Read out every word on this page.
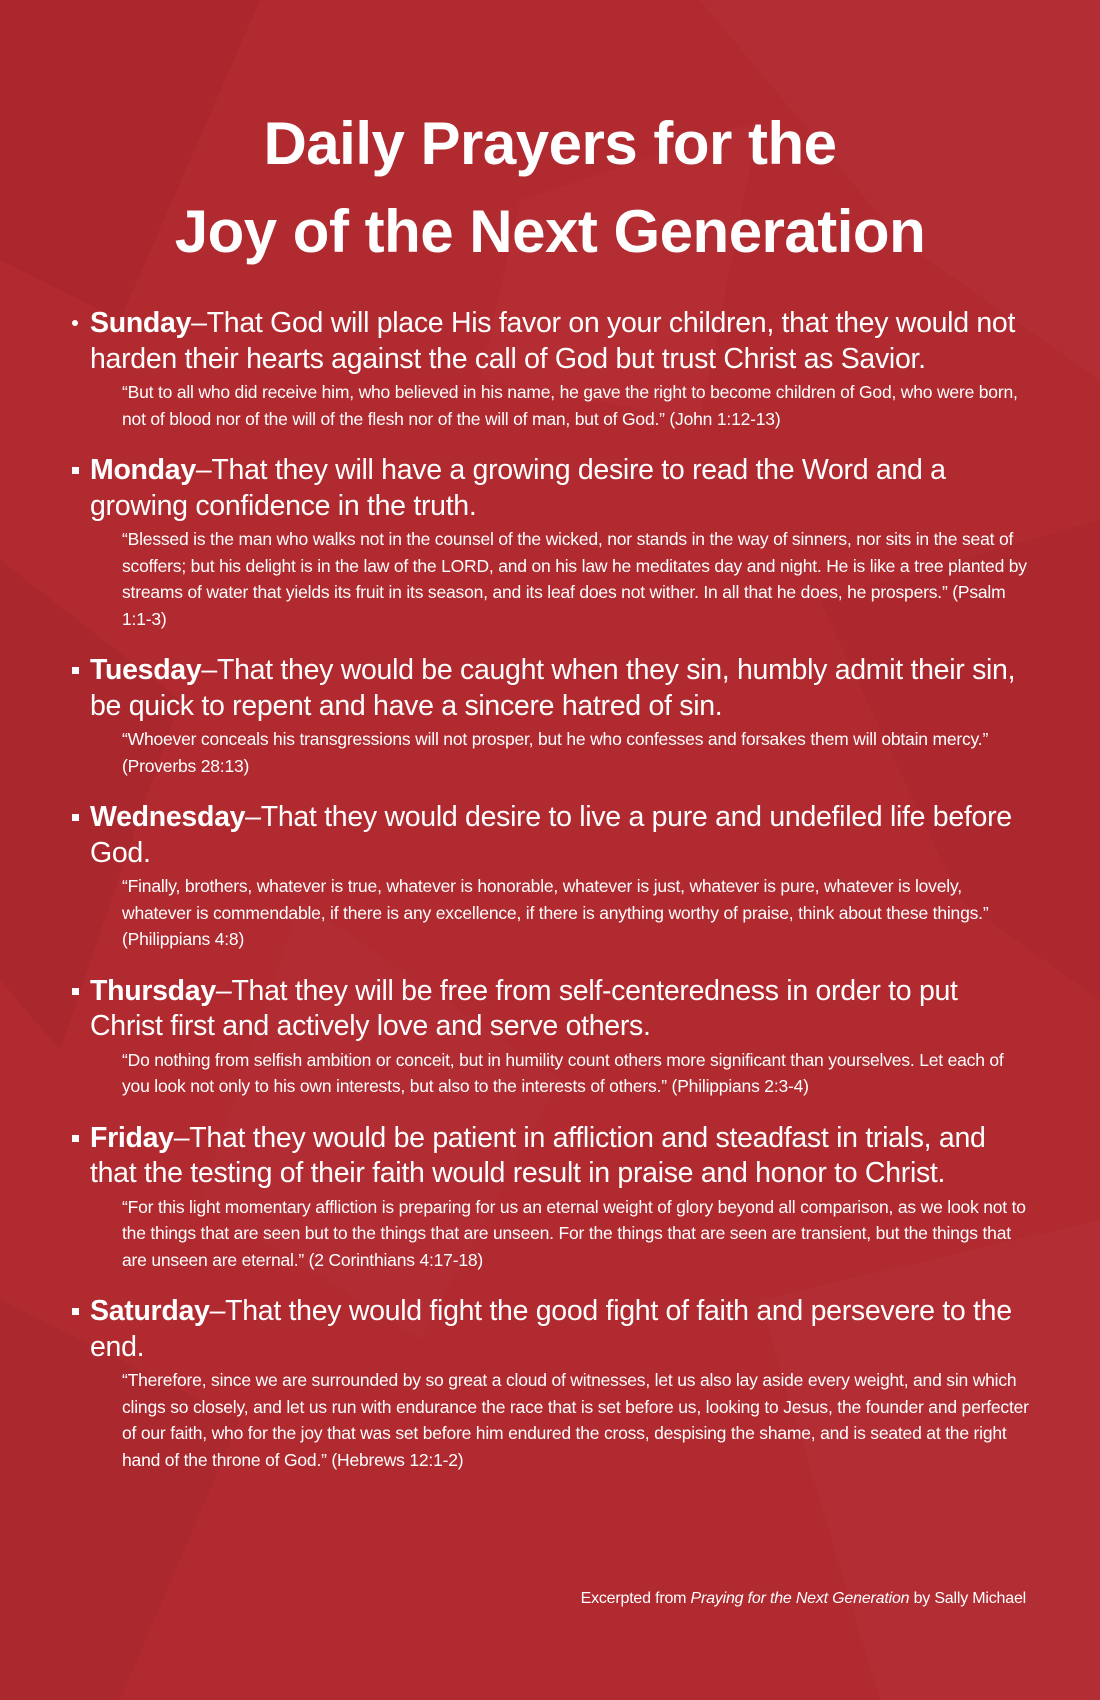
Daily Prayers for the
Joy of the Next Generation
Sunday–That God will place His favor on your children, that they would not harden their hearts against the call of God but trust Christ as Savior.
“But to all who did receive him, who believed in his name, he gave the right to become children of God, who were born, not of blood nor of the will of the flesh nor of the will of man, but of God.” (John 1:12-13)
Monday–That they will have a growing desire to read the Word and a growing confidence in the truth.
“Blessed is the man who walks not in the counsel of the wicked, nor stands in the way of sinners, nor sits in the seat of scoffers; but his delight is in the law of the LORD, and on his law he meditates day and night. He is like a tree planted by streams of water that yields its fruit in its season, and its leaf does not wither. In all that he does, he prospers.” (Psalm 1:1-3)
Tuesday–That they would be caught when they sin, humbly admit their sin, be quick to repent and have a sincere hatred of sin.
“Whoever conceals his transgressions will not prosper, but he who confesses and forsakes them will obtain mercy.” (Proverbs 28:13)
Wednesday–That they would desire to live a pure and undefiled life before God.
“Finally, brothers, whatever is true, whatever is honorable, whatever is just, whatever is pure, whatever is lovely, whatever is commendable, if there is any excellence, if there is anything worthy of praise, think about these things.” (Philippians 4:8)
Thursday–That they will be free from self-centeredness in order to put Christ first and actively love and serve others.
“Do nothing from selfish ambition or conceit, but in humility count others more significant than yourselves. Let each of you look not only to his own interests, but also to the interests of others.” (Philippians 2:3-4)
Friday–That they would be patient in affliction and steadfast in trials, and that the testing of their faith would result in praise and honor to Christ.
“For this light momentary affliction is preparing for us an eternal weight of glory beyond all comparison, as we look not to the things that are seen but to the things that are unseen. For the things that are seen are transient, but the things that are unseen are eternal.” (2 Corinthians 4:17-18)
Saturday–That they would fight the good fight of faith and persevere to the end.
“Therefore, since we are surrounded by so great a cloud of witnesses, let us also lay aside every weight, and sin which clings so closely, and let us run with endurance the race that is set before us, looking to Jesus, the founder and perfecter of our faith, who for the joy that was set before him endured the cross, despising the shame, and is seated at the right hand of the throne of God.” (Hebrews 12:1-2)
Excerpted from Praying for the Next Generation by Sally Michael
